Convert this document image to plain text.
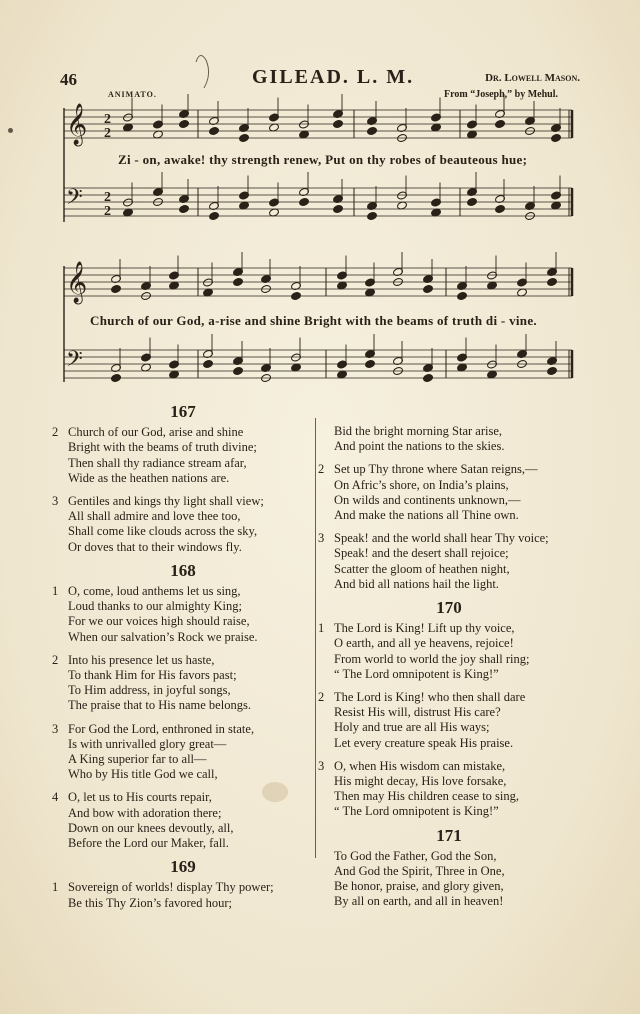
46	GILEAD. L. M.	Dr. Lowell Mason.
ANIMATO.	From “Joseph,” by Mehul.
𝄞
𝄢
𝄞
𝄢
2
2
2
2
Zi - on, awake! thy strength renew, Put on thy robes of beauteous hue;
Church of our God, a-rise and shine Bright with the beams of truth di - vine.
167
2 Church of our God, arise and shine
Bright with the beams of truth divine;
Then shall thy radiance stream afar,
Wide as the heathen nations are.
3 Gentiles and kings thy light shall view;
All shall admire and love thee too,
Shall come like clouds across the sky,
Or doves that to their windows fly.
168
1 O, come, loud anthems let us sing,
Loud thanks to our almighty King;
For we our voices high should raise,
When our salvation’s Rock we praise.
2 Into his presence let us haste,
To thank Him for His favors past;
To Him address, in joyful songs,
The praise that to His name belongs.
3 For God the Lord, enthroned in state,
Is with unrivalled glory great—
A King superior far to all—
Who by His title God we call,
4 O, let us to His courts repair,
And bow with adoration there;
Down on our knees devoutly, all,
Before the Lord our Maker, fall.
169
1 Sovereign of worlds! display Thy power;
Be this Thy Zion’s favored hour;
Bid the bright morning Star arise,
And point the nations to the skies.
2 Set up Thy throne where Satan reigns,—
On Afric’s shore, on India’s plains,
On wilds and continents unknown,—
And make the nations all Thine own.
3 Speak! and the world shall hear Thy voice;
Speak! and the desert shall rejoice;
Scatter the gloom of heathen night,
And bid all nations hail the light.
170
1 The Lord is King! Lift up thy voice,
O earth, and all ye heavens, rejoice!
From world to world the joy shall ring;
“ The Lord omnipotent is King!”
2 The Lord is King! who then shall dare
Resist His will, distrust His care?
Holy and true are all His ways;
Let every creature speak His praise.
3 O, when His wisdom can mistake,
His might decay, His love forsake,
Then may His children cease to sing,
“ The Lord omnipotent is King!”
171
To God the Father, God the Son,
And God the Spirit, Three in One,
Be honor, praise, and glory given,
By all on earth, and all in heaven!
